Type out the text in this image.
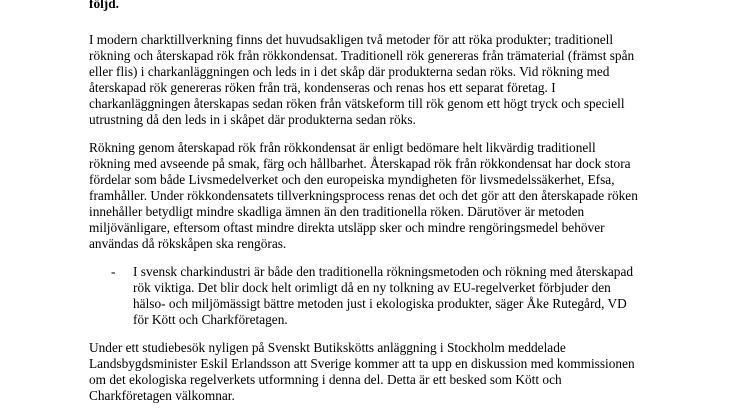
följd.
I modern charktillverkning finns det huvudsakligen två metoder för att röka produkter; traditionell
rökning och återskapad rök från rökkondensat. Traditionell rök genereras från trämaterial (främst spån
eller flis) i charkanläggningen och leds in i det skåp där produkterna sedan röks. Vid rökning med
återskapad rök genereras röken från trä, kondenseras och renas hos ett separat företag. I
charkanläggningen återskapas sedan röken från vätskeform till rök genom ett högt tryck och speciell
utrustning då den leds in i skåpet där produkterna sedan röks.
Rökning genom återskapad rök från rökkondensat är enligt bedömare helt likvärdig traditionell
rökning med avseende på smak, färg och hållbarhet. Återskapad rök från rökkondensat har dock stora
fördelar som både Livsmedelverket och den europeiska myndigheten för livsmedelssäkerhet, Efsa,
framhåller. Under rökkondensatets tillverkningsprocess renas det och det gör att den återskapade röken
innehåller betydligt mindre skadliga ämnen än den traditionella röken. Därutöver är metoden
miljövänligare, eftersom oftast mindre direkta utsläpp sker och mindre rengöringsmedel behöver
användas då rökskåpen ska rengöras.
- I svensk charkindustri är både den traditionella rökningsmetoden och rökning med återskapad
rök viktiga. Det blir dock helt orimligt då en ny tolkning av EU-regelverket förbjuder den
hälso- och miljömässigt bättre metoden just i ekologiska produkter, säger Åke Rutegård, VD
för Kött och Charkföretagen.
Under ett studiebesök nyligen på Svenskt Butikskötts anläggning i Stockholm meddelade
Landsbygdsminister Eskil Erlandsson att Sverige kommer att ta upp en diskussion med kommissionen
om det ekologiska regelverkets utformning i denna del. Detta är ett besked som Kött och
Charkföretagen välkomnar.
